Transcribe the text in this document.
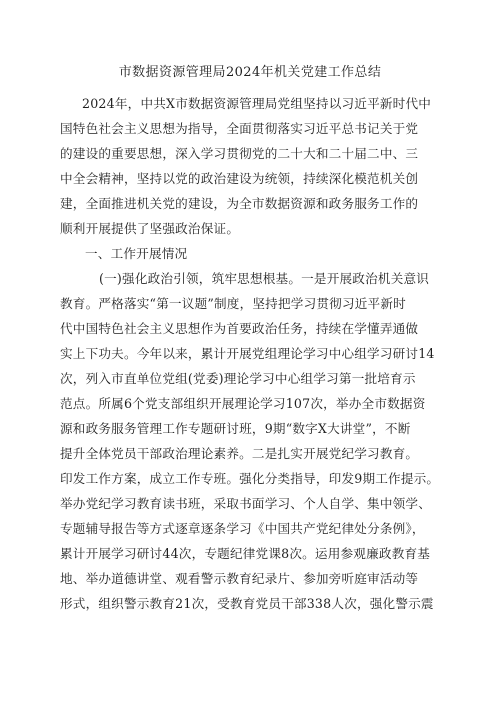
市数据资源管理局2024年机关党建工作总结
2024年，中共X市数据资源管理局党组坚持以习近平新时代中
国特色社会主义思想为指导，全面贯彻落实习近平总书记关于党
的建设的重要思想，深入学习贯彻党的二十大和二十届二中、三
中全会精神，坚持以党的政治建设为统领，持续深化模范机关创
建，全面推进机关党的建设，为全市数据资源和政务服务工作的
顺利开展提供了坚强政治保证。
一、工作开展情况
(一)强化政治引领，筑牢思想根基。一是开展政治机关意识
教育。严格落实“第一议题”制度，坚持把学习贯彻习近平新时
代中国特色社会主义思想作为首要政治任务，持续在学懂弄通做
实上下功夫。今年以来，累计开展党组理论学习中心组学习研讨14
次，列入市直单位党组(党委)理论学习中心组学习第一批培育示
范点。所属6个党支部组织开展理论学习107次，举办全市数据资
源和政务服务管理工作专题研讨班，9期“数字X大讲堂”，不断
提升全体党员干部政治理论素养。二是扎实开展党纪学习教育。
印发工作方案，成立工作专班。强化分类指导，印发9期工作提示。
举办党纪学习教育读书班，采取书面学习、个人自学、集中领学、
专题辅导报告等方式逐章逐条学习《中国共产党纪律处分条例》，
累计开展学习研讨44次，专题纪律党课8次。运用参观廉政教育基
地、举办道德讲堂、观看警示教育纪录片、参加旁听庭审活动等
形式，组织警示教育21次，受教育党员干部338人次，强化警示震
